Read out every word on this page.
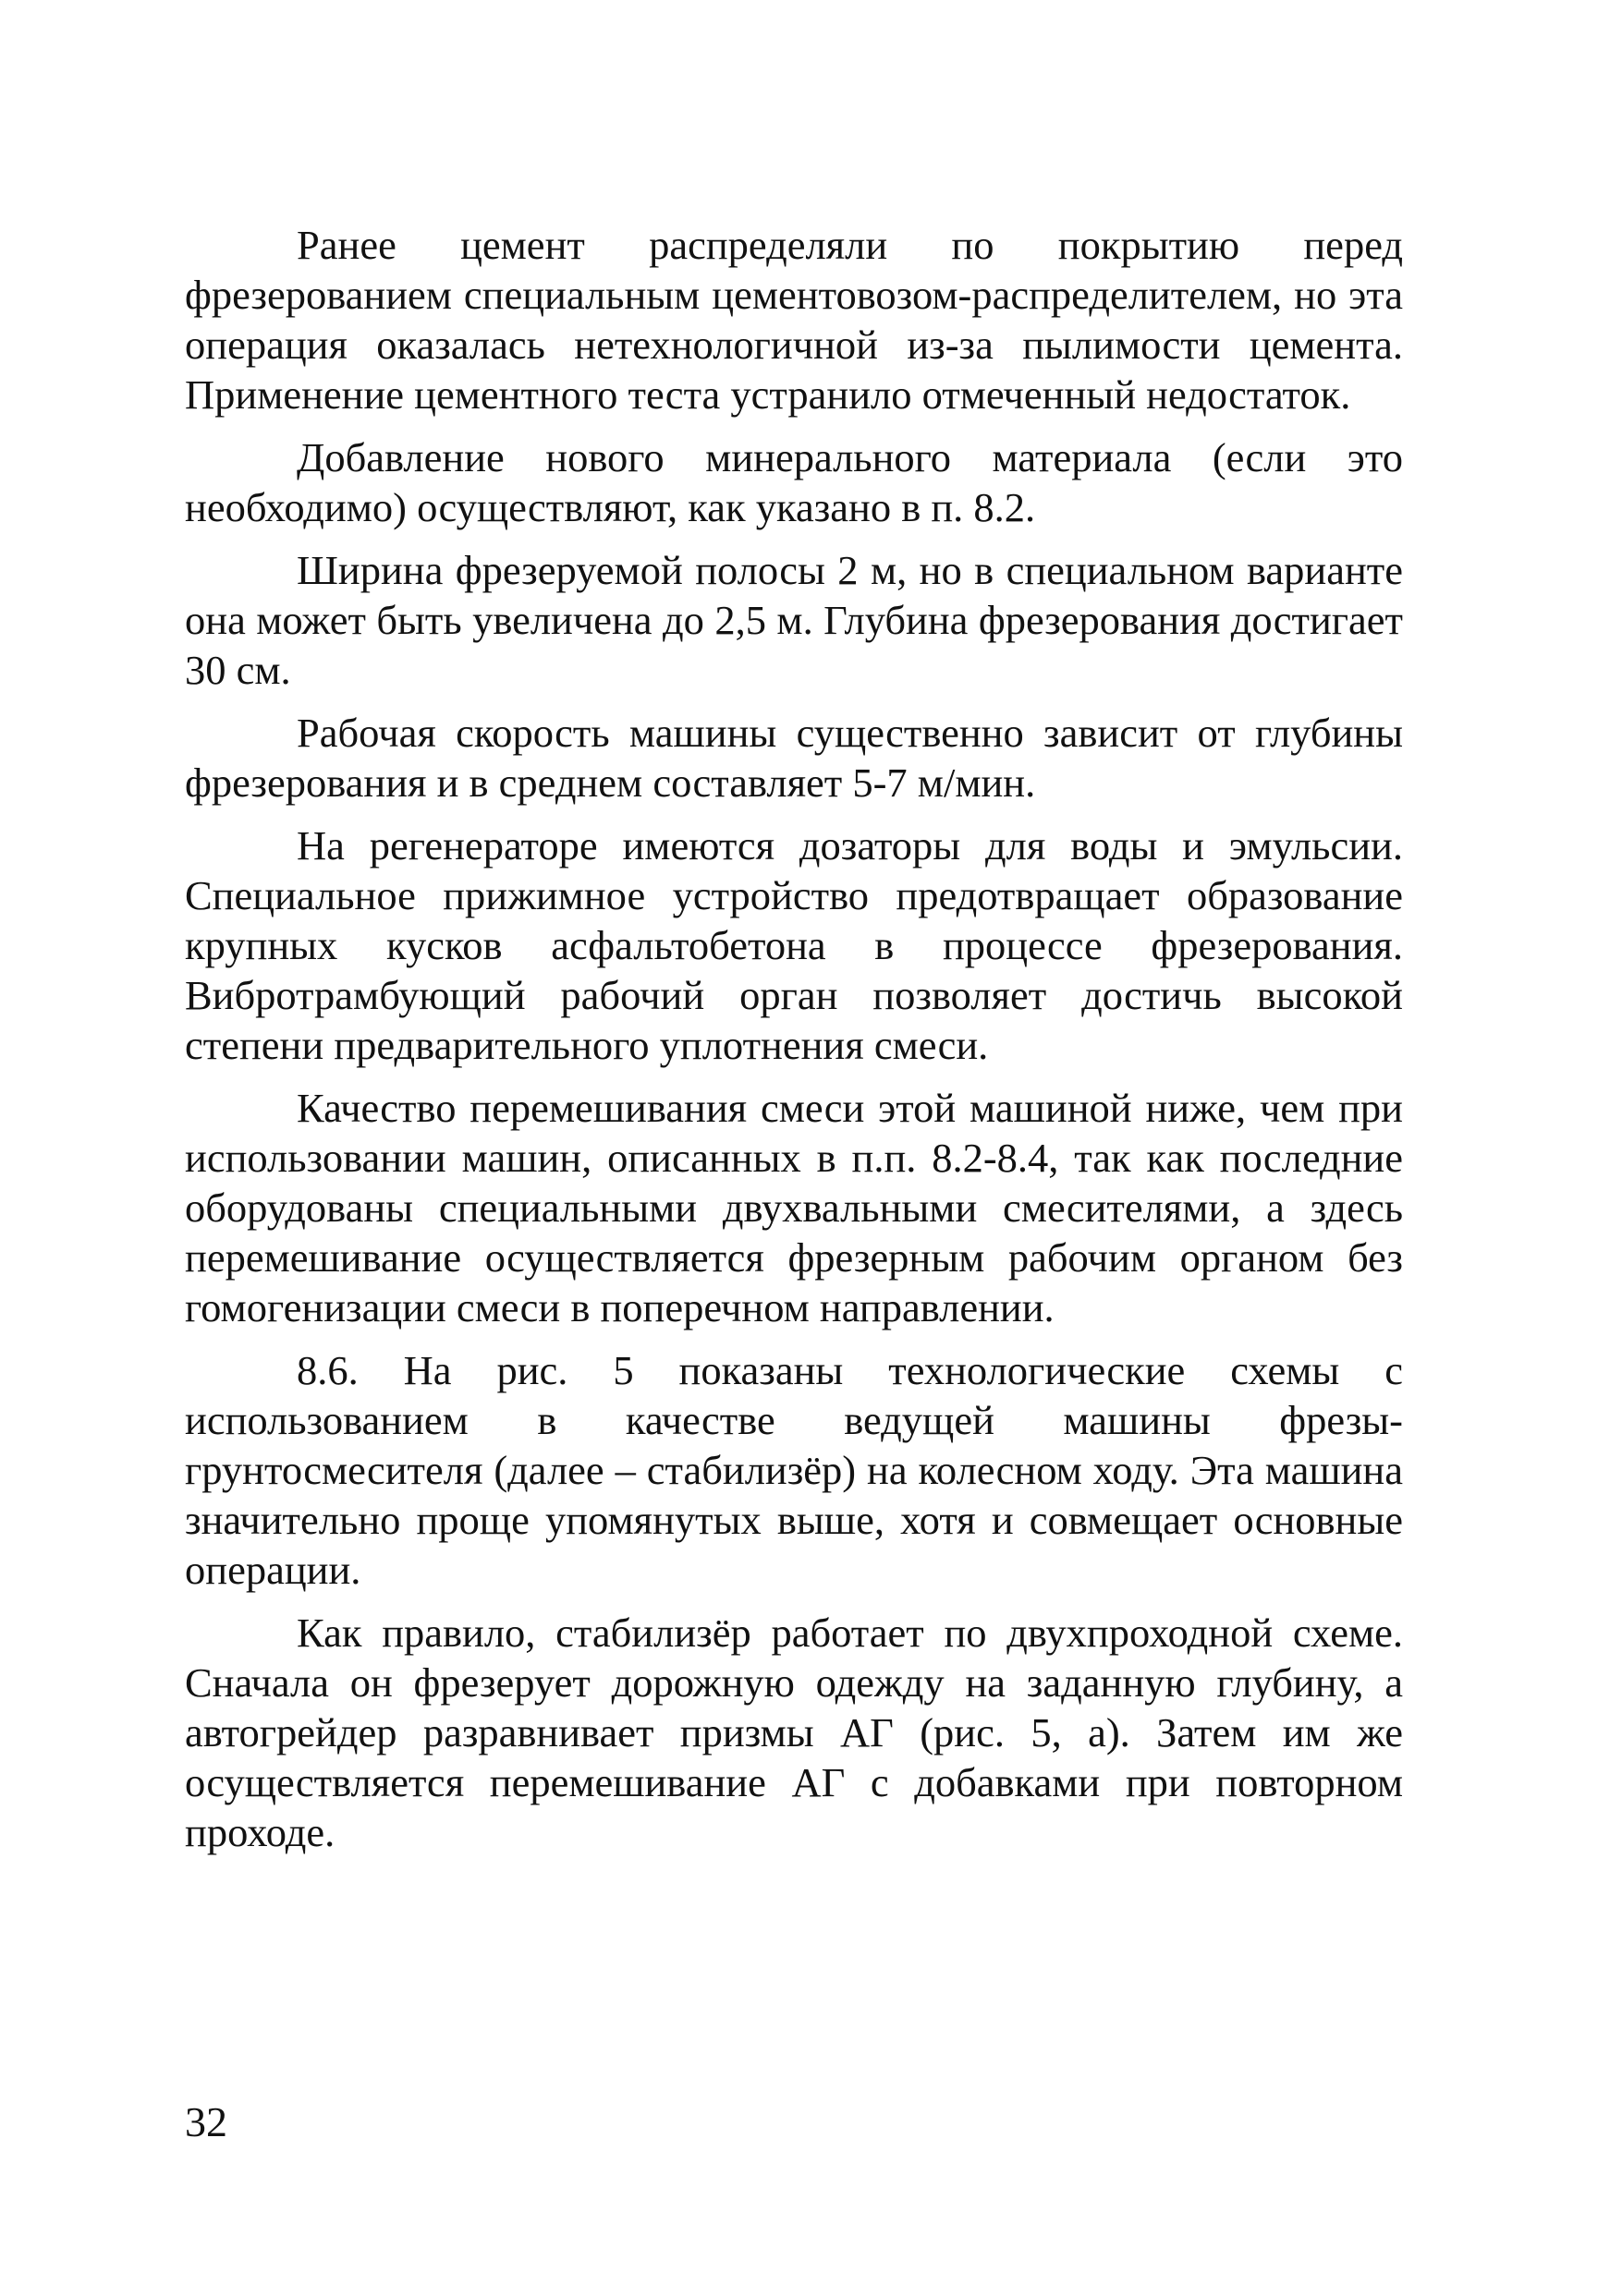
Ранее цемент распределяли по покрытию перед фрезерованием специальным цементовозом-распределителем, но эта операция оказалась нетехнологичной из-за пылимости цемента. Применение цементного теста устранило отмеченный недостаток.

Добавление нового минерального материала (если это необходимо) осуществляют, как указано в п. 8.2.

Ширина фрезеруемой полосы 2 м, но в специальном варианте она может быть увеличена до 2,5 м. Глубина фрезерования достигает 30 см.

Рабочая скорость машины существенно зависит от глубины фрезерования и в среднем составляет 5-7 м/мин.

На регенераторе имеются дозаторы для воды и эмульсии. Специальное прижимное устройство предотвращает образование крупных кусков асфальтобетона в процессе фрезерования. Вибротрамбующий рабочий орган позволяет достичь высокой степени предварительного уплотнения смеси.

Качество перемешивания смеси этой машиной ниже, чем при использовании машин, описанных в п.п. 8.2-8.4, так как последние оборудованы специальными двухвальными смесителями, а здесь перемешивание осуществляется фрезерным рабочим органом без гомогенизации смеси в поперечном направлении.

8.6. На рис. 5 показаны технологические схемы с использованием в качестве ведущей машины фрезы-грунтосмесителя (далее – стабилизёр) на колесном ходу. Эта машина значительно проще упомянутых выше, хотя и совмещает основные операции.

Как правило, стабилизёр работает по двухпроходной схеме. Сначала он фрезерует дорожную одежду на заданную глубину, а автогрейдер разравнивает призмы АГ (рис. 5, а). Затем им же осуществляется перемешивание АГ с добавками при повторном проходе.

32
